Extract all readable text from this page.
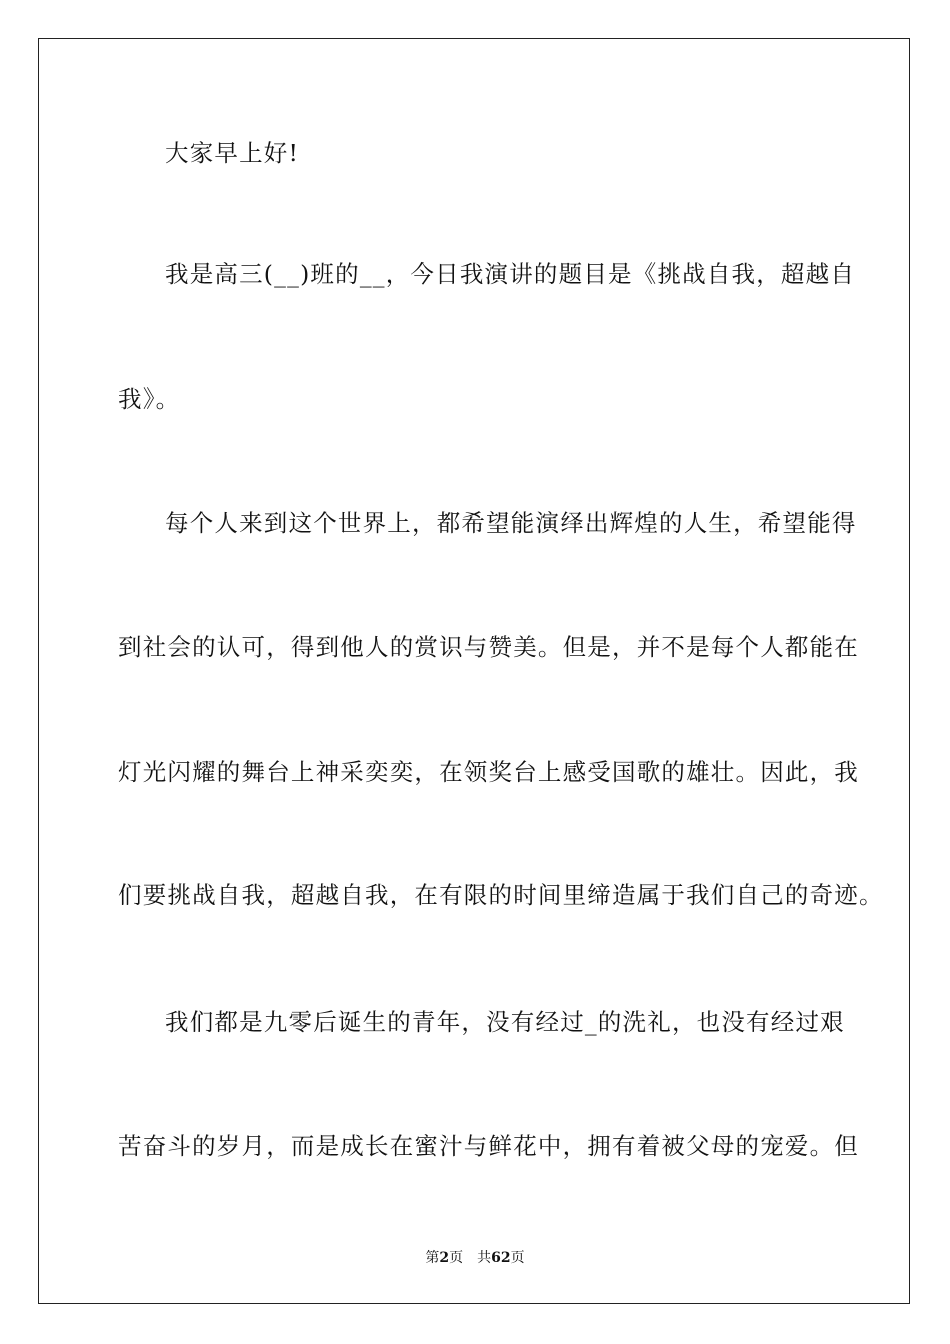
大家早上好!
我是高三(__)班的__，今日我演讲的题目是《挑战自我，超越自
我》。
每个人来到这个世界上，都希望能演绎出辉煌的人生，希望能得
到社会的认可，得到他人的赏识与赞美。但是，并不是每个人都能在
灯光闪耀的舞台上神采奕奕，在领奖台上感受国歌的雄壮。因此，我
们要挑战自我，超越自我，在有限的时间里缔造属于我们自己的奇迹。
我们都是九零后诞生的青年，没有经过_的洗礼，也没有经过艰
苦奋斗的岁月，而是成长在蜜汁与鲜花中，拥有着被父母的宠爱。但
第2页 共62页
